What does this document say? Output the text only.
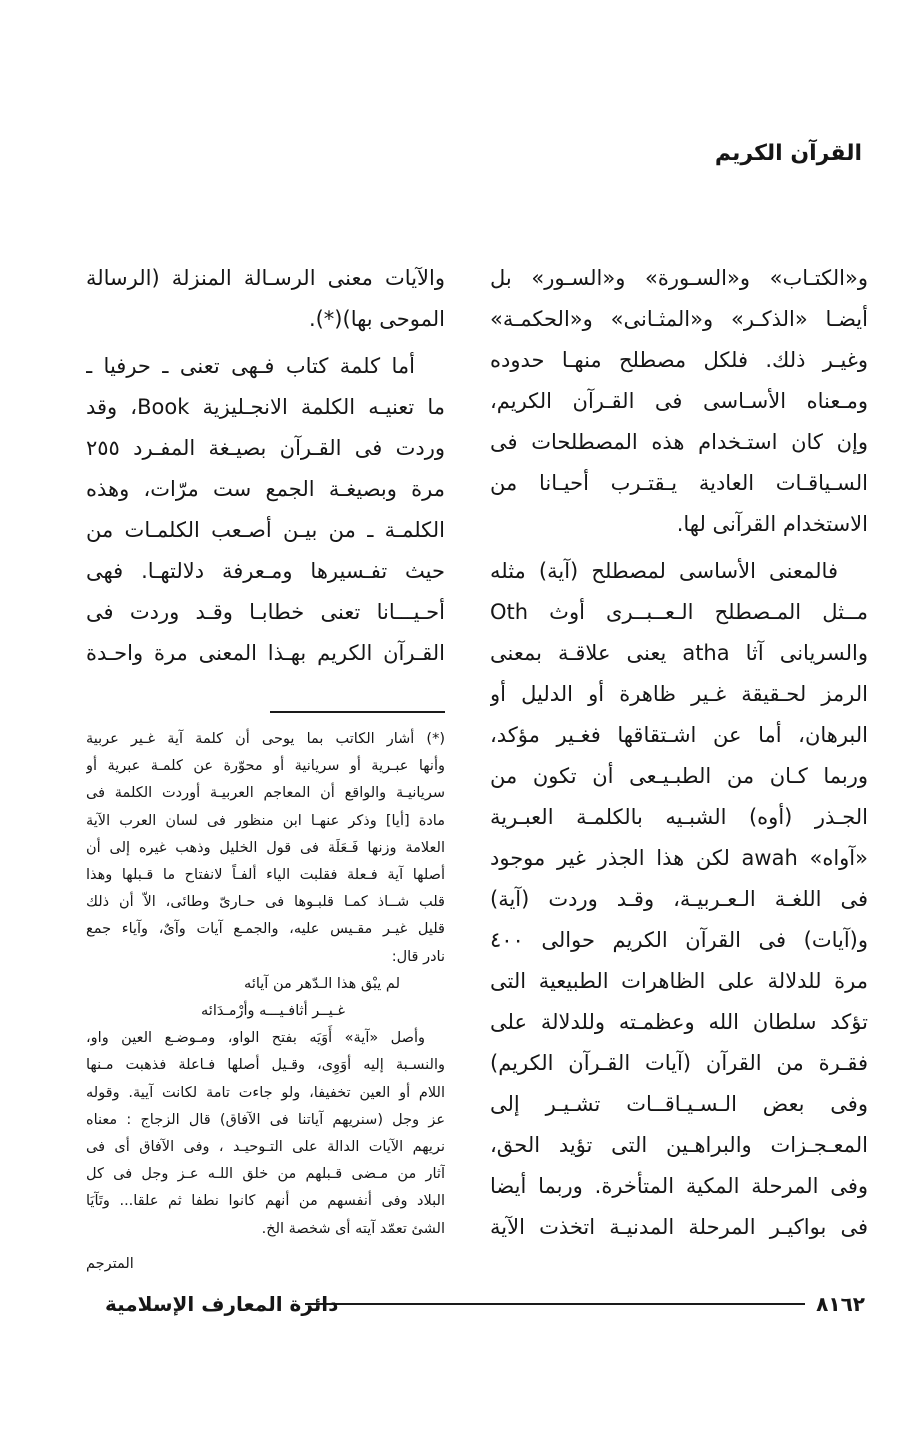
القرآن الكريم
و«الكتـاب» و«السـورة» و«السـور» بل
أيضـا «الذكـر» و«المثـانى» و«الحكمـة»
وغيـر ذلك. فلكل مصطلح منهـا حدوده
ومـعناه الأسـاسى فى القـرآن الكريم،
وإن كان استـخدام هذه المصطلحات فى
السـياقـات العادية يـقتـرب أحيـانا من
الاستخدام القرآنى لها.
فالمعنى الأساسى لمصطلح (آية) مثله
مــثل المـصطلح الـعــبــرى أوث Oth
والسريانى آثا atha يعنى علاقـة بمعنى
الرمز لحـقيقة غـير ظاهرة أو الدليل أو
البرهان، أما عن اشـتقاقها فغـير مؤكد،
وربما كـان من الطبـيـعى أن تكون من
الجـذر (أوه) الشبـيه بالكلمـة العبـرية
«آواه» awah لكن هذا الجذر غير موجود
فى اللغـة الـعـربيـة، وقـد وردت (آية)
و(آيات) فى القرآن الكريم حوالى ٤٠٠
مرة للدلالة على الظاهرات الطبيعية التى
تؤكد سلطان الله وعظمـته وللدلالة على
فقـرة من القرآن (آيات القـرآن الكريم)
وفى بعض الـسـيـاقــات تشـيـر إلى
المعـجـزات والبراهـين التى تؤيد الحق،
وفى المرحلة المكية المتأخرة. وربما أيضا
فى بواكيـر المرحلة المدنيـة اتخذت الآية
والآيات معنى الرسـالة المنزلة (الرسالة
الموحى بها)(*).
أما كلمة كتاب فـهى تعنى ـ حرفيا ـ
ما تعنيـه الكلمة الانجـليزية Book، وقد
وردت فى القـرآن بصيـغة المفـرد ٢٥٥
مرة وبصيغـة الجمع ست مرّات، وهذه
الكلمـة ـ من بيـن أصـعب الكلمـات من
حيث تفـسيرها ومـعرفة دلالتهـا. فهى
أحـيـــانا تعنى خطابـا وقـد وردت فى
القـرآن الكريم بهـذا المعنى مرة واحـدة
(*) أشار الكاتب بما يوحى أن كلمة آية غـير عربية
وأنها عبـرية أو سريانية أو محوّرة عن كلمـة عبرية أو
سريانيـة والواقع أن المعاجم العربيـة أوردت الكلمة فى
مادة [أيا] وذكر عنهـا ابن منظور فى لسان العرب الآية
العلامة وزنها فَـعَلَة فى قول الخليل وذهب غيره إلى أن
أصلها آية فـعلة فقلبت الياء ألفـاً لانفتاح ما قـبلها وهذا
قلب شــاذ كمـا قلبـوها فى حـارىّ وطائى، الاّ أن ذلك
قليل غيـر مقـيس عليه، والجمـع آيات وآىٌ، وآياء جمع
نادر قال:
لم يبْق هذا الـدّهر من آيائه
غـيــر أثافـيـــه وأرْمـدَائه
وأصل «آية» أَوَيَه بفتح الواو، ومـوضـع العين واو،
والنسـبة إليه أوَوِى، وقـيل أصلها فـاعلة فذهبت مـنها
اللام أو العين تخفيفا، ولو جاءت تامة لكانت آيية. وقوله
عز وجل (سنريهم آياتنا فى الآفاق) قال الزجاج : معناه
نريهم الآيات الدالة على التـوحيـد ، وفى الآفاق أى فى
آثار من مـضى قـبلهم من خلق اللـه عـز وجل فى كل
البلاد وفى أنفسهم من أنهم كانوا نطفا ثم علقا... وتَآيَا
الشئ تعمّد آيته أى شخصة الخ.
المترجم
٨١٦٢
دائرة المعارف الإسلامية
